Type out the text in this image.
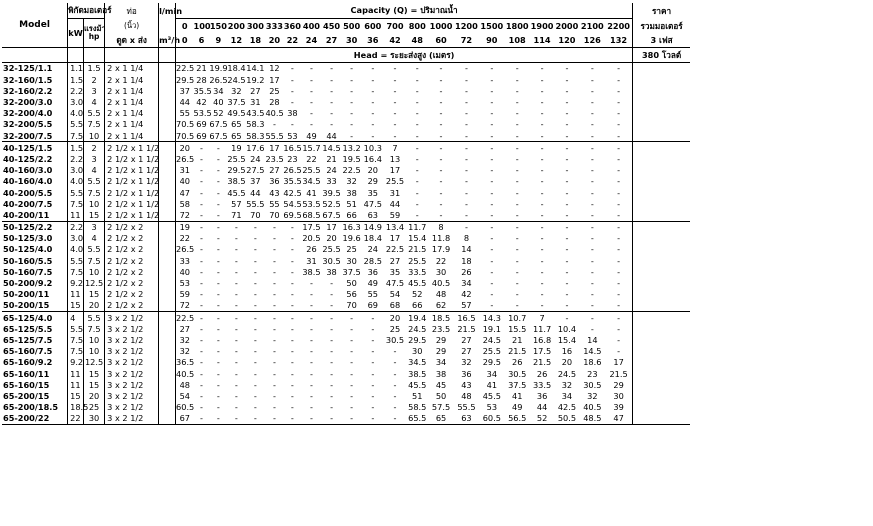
Model	พิกัดมอเตอร์		ท่อ	l/min	Capacity (Q) = ปริมาณน้ำ																					ราคา
	kW	แรงม้า
hp	(นิ้ว)		0	100	150	200	300	333	360	400	450	500	600	700	800	1000	1200	1500	1800	1900	2000	2100	2200	รวมมอเตอร์
			ดูด x ส่ง	m³/h	0	6	9	12	18	20	22	24	27	30	36	42	48	60	72	90	108	114	120	126	132	3 เฟส
					Head = ระยะส่งสูง (เมตร)																					380 โวลต์
32-125/1.1	1.1	1.5	2 x 1 1/4		22.5	21	19.9	18.4	14.1	12	-	-	-	-	-	-	-	-	-	-	-	-	-	-	-	
32-160/1.5	1.5	2	2 x 1 1/4		29.5	28	26.5	24.5	19.2	17	-	-	-	-	-	-	-	-	-	-	-	-	-	-	-	
32-160/2.2	2.2	3	2 x 1 1/4		37	35.5	34	32	27	25	-	-	-	-	-	-	-	-	-	-	-	-	-	-	-	
32-200/3.0	3.0	4	2 x 1 1/4		44	42	40	37.5	31	28	-	-	-	-	-	-	-	-	-	-	-	-	-	-	-	
32-200/4.0	4.0	5.5	2 x 1 1/4		55	53.5	52	49.5	43.5	40.5	38	-	-	-	-	-	-	-	-	-	-	-	-	-	-	
32-200/5.5	5.5	7.5	2 x 1 1/4		70.5	69	67.5	65	58.3	-	-	-	-	-	-	-	-	-	-	-	-	-	-	-	-	
32-200/7.5	7.5	10	2 x 1 1/4		70.5	69	67.5	65	58.3	55.5	53	49	44	-	-	-	-	-	-	-	-	-	-	-	-	
40-125/1.5	1.5	2	2 1/2 x 1 1/2		20	-	-	19	17.6	17	16.5	15.7	14.5	13.2	10.3	7	-	-	-	-	-	-	-	-	-	
40-125/2.2	2.2	3	2 1/2 x 1 1/2		26.5	-	-	25.5	24	23.5	23	22	21	19.5	16.4	13	-	-	-	-	-	-	-	-	-	
40-160/3.0	3.0	4	2 1/2 x 1 1/2		31	-	-	29.5	27.5	27	26.5	25.5	24	22.5	20	17	-	-	-	-	-	-	-	-	-	
40-160/4.0	4.0	5.5	2 1/2 x 1 1/2		40	-	-	38.5	37	36	35.5	34.5	33	32	29	25.5	-	-	-	-	-	-	-	-	-	
40-200/5.5	5.5	7.5	2 1/2 x 1 1/2		47	-	-	45.5	44	43	42.5	41	39.5	38	35	31	-	-	-	-	-	-	-	-	-	
40-200/7.5	7.5	10	2 1/2 x 1 1/2		58	-	-	57	55.5	55	54.5	53.5	52.5	51	47.5	44	-	-	-	-	-	-	-	-	-	
40-200/11	11	15	2 1/2 x 1 1/2		72	-	-	71	70	70	69.5	68.5	67.5	66	63	59	-	-	-	-	-	-	-	-	-	
50-125/2.2	2.2	3	2 1/2 x 2		19	-	-	-	-	-	-	17.5	17	16.3	14.9	13.4	11.7	8	-	-	-	-	-	-	-	
50-125/3.0	3.0	4	2 1/2 x 2		22	-	-	-	-	-	-	20.5	20	19.6	18.4	17	15.4	11.8	8	-	-	-	-	-	-	
50-125/4.0	4.0	5.5	2 1/2 x 2		26.5	-	-	-	-	-	-	26	25.5	25	24	22.5	21.5	17.9	14	-	-	-	-	-	-	
50-160/5.5	5.5	7.5	2 1/2 x 2		33	-	-	-	-	-	-	31	30.5	30	28.5	27	25.5	22	18	-	-	-	-	-	-	
50-160/7.5	7.5	10	2 1/2 x 2		40	-	-	-	-	-	-	38.5	38	37.5	36	35	33.5	30	26	-	-	-	-	-	-	
50-200/9.2	9.2	12.5	2 1/2 x 2		53	-	-	-	-	-	-	-	-	50	49	47.5	45.5	40.5	34	-	-	-	-	-	-	
50-200/11	11	15	2 1/2 x 2		59	-	-	-	-	-	-	-	-	56	55	54	52	48	42	-	-	-	-	-	-	
50-200/15	15	20	2 1/2 x 2		72	-	-	-	-	-	-	-	-	70	69	68	66	62	57	-	-	-	-	-	-	
65-125/4.0	4	5.5	3 x 2 1/2		22.5	-	-	-	-	-	-	-	-	-	-	20	19.4	18.5	16.5	14.3	10.7	7	-	-	-	
65-125/5.5	5.5	7.5	3 x 2 1/2		27	-	-	-	-	-	-	-	-	-	-	25	24.5	23.5	21.5	19.1	15.5	11.7	10.4	-	-	
65-125/7.5	7.5	10	3 x 2 1/2		32	-	-	-	-	-	-	-	-	-	-	30.5	29.5	29	27	24.5	21	16.8	15.4	14	-	
65-160/7.5	7.5	10	3 x 2 1/2		32	-	-	-	-	-	-	-	-	-	-	-	30	29	27	25.5	21.5	17.5	16	14.5	-	
65-160/9.2	9.2	12.5	3 x 2 1/2		36.5	-	-	-	-	-	-	-	-	-	-	-	34.5	34	32	29.5	26	21.5	20	18.6	17	
65-160/11	11	15	3 x 2 1/2		40.5	-	-	-	-	-	-	-	-	-	-	-	38.5	38	36	34	30.5	26	24.5	23	21.5	
65-160/15	11	15	3 x 2 1/2		48	-	-	-	-	-	-	-	-	-	-	-	45.5	45	43	41	37.5	33.5	32	30.5	29	
65-200/15	15	20	3 x 2 1/2		54	-	-	-	-	-	-	-	-	-	-	-	51	50	48	45.5	41	36	34	32	30	
65-200/18.5	18.5	25	3 x 2 1/2		60.5	-	-	-	-	-	-	-	-	-	-	-	58.5	57.5	55.5	53	49	44	42.5	40.5	39	
65-200/22	22	30	3 x 2 1/2		67	-	-	-	-	-	-	-	-	-	-	-	65.5	65	63	60.5	56.5	52	50.5	48.5	47	
